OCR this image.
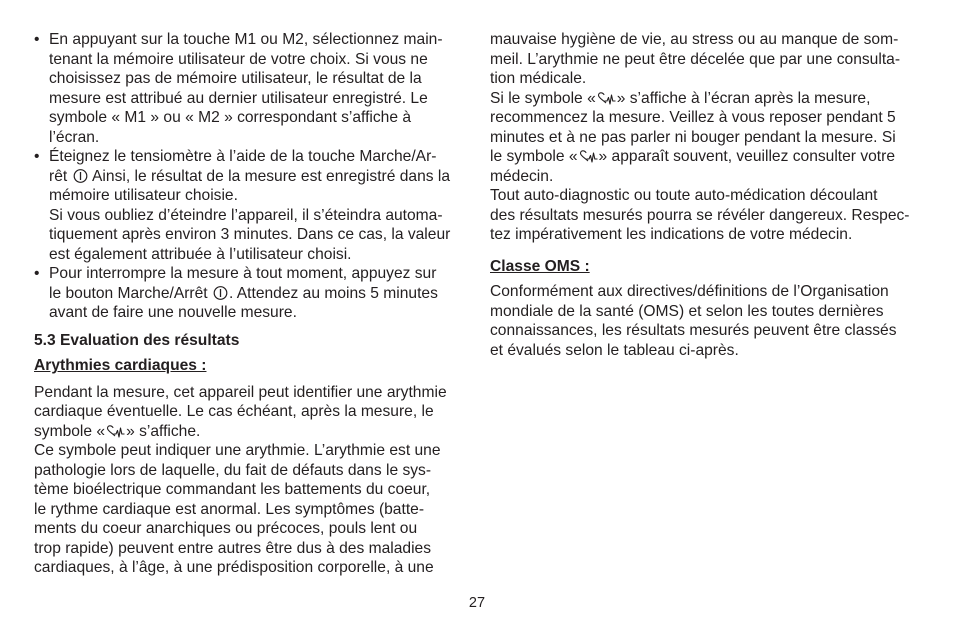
• En appuyant sur la touche M1 ou M2, sélectionnez main-
tenant la mémoire utilisateur de votre choix. Si vous ne
choisissez pas de mémoire utilisateur, le résultat de la
mesure est attribué au dernier utilisateur enregistré. Le
symbole « M1 » ou « M2 » correspondant s’affiche à
l’écran.
• Éteignez le tensiomètre à l’aide de la touche Marche/Ar-
rêt Ainsi, le résultat de la mesure est enregistré dans la
mémoire utilisateur choisie.
Si vous oubliez d’éteindre l’appareil, il s’éteindra automa-
tiquement après environ 3 minutes. Dans ce cas, la valeur
est également attribuée à l’utilisateur choisi.
• Pour interrompre la mesure à tout moment, appuyez sur
le bouton Marche/Arrêt . Attendez au moins 5 minutes
avant de faire une nouvelle mesure.
5.3 Evaluation des résultats
Arythmies cardiaques :
Pendant la mesure, cet appareil peut identifier une arythmie
cardiaque éventuelle. Le cas échéant, après la mesure, le
symbole « » s’affiche.
Ce symbole peut indiquer une arythmie. L’arythmie est une
pathologie lors de laquelle, du fait de défauts dans le sys-
tème bioélectrique commandant les battements du coeur,
le rythme cardiaque est anormal. Les symptômes (batte-
ments du coeur anarchiques ou précoces, pouls lent ou
trop rapide) peuvent entre autres être dus à des maladies
cardiaques, à l’âge, à une prédisposition corporelle, à une
mauvaise hygiène de vie, au stress ou au manque de som-
meil. L’arythmie ne peut être décelée que par une consulta-
tion médicale.
Si le symbole « » s’affiche à l’écran après la mesure,
recommencez la mesure. Veillez à vous reposer pendant 5
minutes et à ne pas parler ni bouger pendant la mesure. Si
le symbole « » apparaît souvent, veuillez consulter votre
médecin.
Tout auto-diagnostic ou toute auto-médication découlant
des résultats mesurés pourra se révéler dangereux. Respec-
tez impérativement les indications de votre médecin.
Classe OMS :
Conformément aux directives/définitions de l’Organisation
mondiale de la santé (OMS) et selon les toutes dernières
connaissances, les résultats mesurés peuvent être classés
et évalués selon le tableau ci-après.
27
